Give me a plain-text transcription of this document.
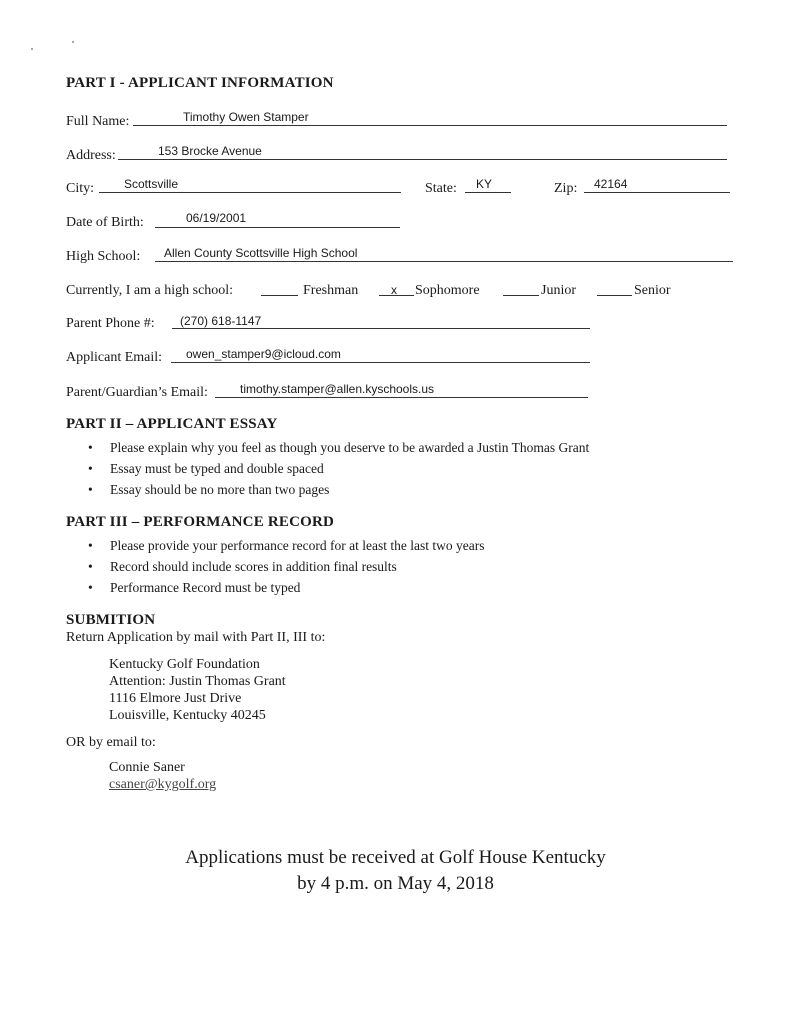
PART I - APPLICANT INFORMATION
Full Name:	Timothy Owen Stamper
Address:	153 Brocke Avenue
City: Scottsville	State: KY	Zip: 42164
Date of Birth:	06/19/2001
High School: Allen County Scottsville High School
Currently, I am a high school:	Freshman	x Sophomore	Junior	Senior
Parent Phone #: (270) 618-1147
Applicant Email: owen_stamper9@icloud.com
Parent/Guardian’s Email:	timothy.stamper@allen.kyschools.us
PART II – APPLICANT ESSAY
• Please explain why you feel as though you deserve to be awarded a Justin Thomas Grant
• Essay must be typed and double spaced
• Essay should be no more than two pages
PART III – PERFORMANCE RECORD
• Please provide your performance record for at least the last two years
• Record should include scores in addition final results
• Performance Record must be typed
SUBMITION
Return Application by mail with Part II, III to:
Kentucky Golf Foundation
Attention: Justin Thomas Grant
1116 Elmore Just Drive
Louisville, Kentucky 40245
OR by email to:
Connie Saner
csaner@kygolf.org
Applications must be received at Golf House Kentucky
by 4 p.m. on May 4, 2018
